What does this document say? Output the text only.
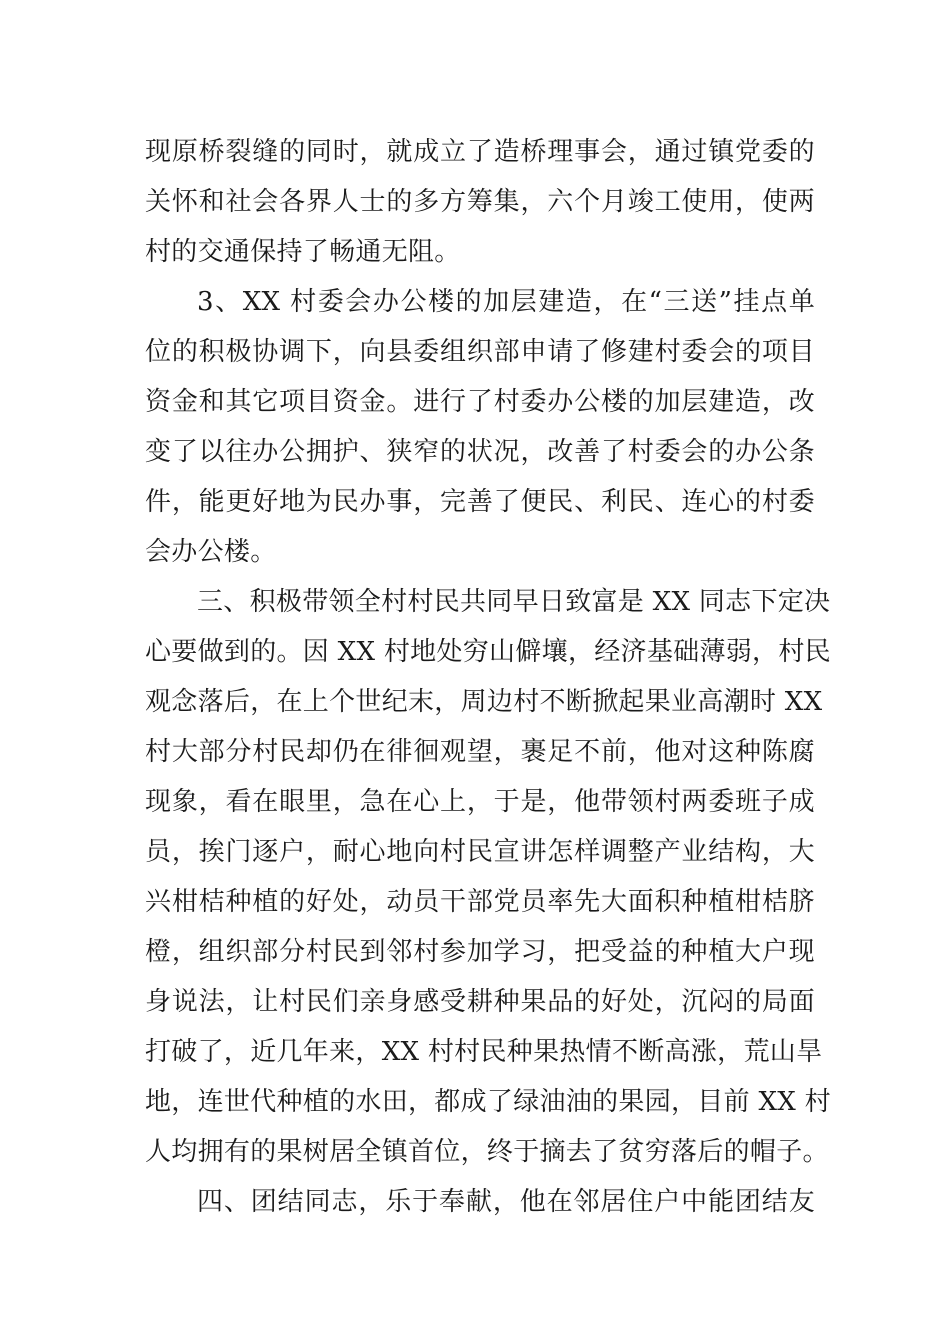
现原桥裂缝的同时，就成立了造桥理事会，通过镇党委的
关怀和社会各界人士的多方筹集，六个月竣工使用，使两
村的交通保持了畅通无阻。
3、XX 村委会办公楼的加层建造，在“三送”挂点单
位的积极协调下，向县委组织部申请了修建村委会的项目
资金和其它项目资金。进行了村委办公楼的加层建造，改
变了以往办公拥护、狭窄的状况，改善了村委会的办公条
件，能更好地为民办事，完善了便民、利民、连心的村委
会办公楼。
三、积极带领全村村民共同早日致富是 XX 同志下定决
心要做到的。因 XX 村地处穷山僻壤，经济基础薄弱，村民
观念落后，在上个世纪末，周边村不断掀起果业高潮时 XX
村大部分村民却仍在徘徊观望，裹足不前，他对这种陈腐
现象，看在眼里，急在心上，于是，他带领村两委班子成
员，挨门逐户，耐心地向村民宣讲怎样调整产业结构，大
兴柑桔种植的好处，动员干部党员率先大面积种植柑桔脐
橙，组织部分村民到邻村参加学习，把受益的种植大户现
身说法，让村民们亲身感受耕种果品的好处，沉闷的局面
打破了，近几年来，XX 村村民种果热情不断高涨，荒山旱
地，连世代种植的水田，都成了绿油油的果园，目前 XX 村
人均拥有的果树居全镇首位，终于摘去了贫穷落后的帽子。
四、团结同志，乐于奉献，他在邻居住户中能团结友
